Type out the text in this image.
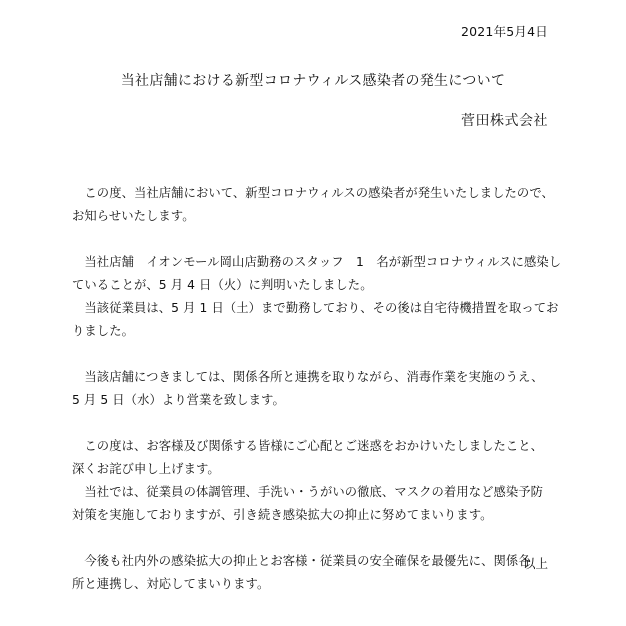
2021年5月4日
当社店舗における新型コロナウィルス感染者の発生について
菅田株式会社

　この度、当社店舗において、新型コロナウィルスの感染者が発生いたしましたので、
お知らせいたします。

　当社店舗　イオンモール岡山店勤務のスタッフ　1　名が新型コロナウィルスに感染し
ていることが、5 月 4 日（火）に判明いたしました。
　当該従業員は、5 月 1 日（土）まで勤務しており、その後は自宅待機措置を取ってお
りました。

　当該店舗につきましては、関係各所と連携を取りながら、消毒作業を実施のうえ、
5 月 5 日（水）より営業を致します。

　この度は、お客様及び関係する皆様にご心配とご迷惑をおかけいたしましたこと、
深くお詫び申し上げます。
　当社では、従業員の体調管理、手洗い・うがいの徹底、マスクの着用など感染予防
対策を実施しておりますが、引き続き感染拡大の抑止に努めてまいります。

　今後も社内外の感染拡大の抑止とお客様・従業員の安全確保を最優先に、関係各
所と連携し、対応してまいります。

以上
